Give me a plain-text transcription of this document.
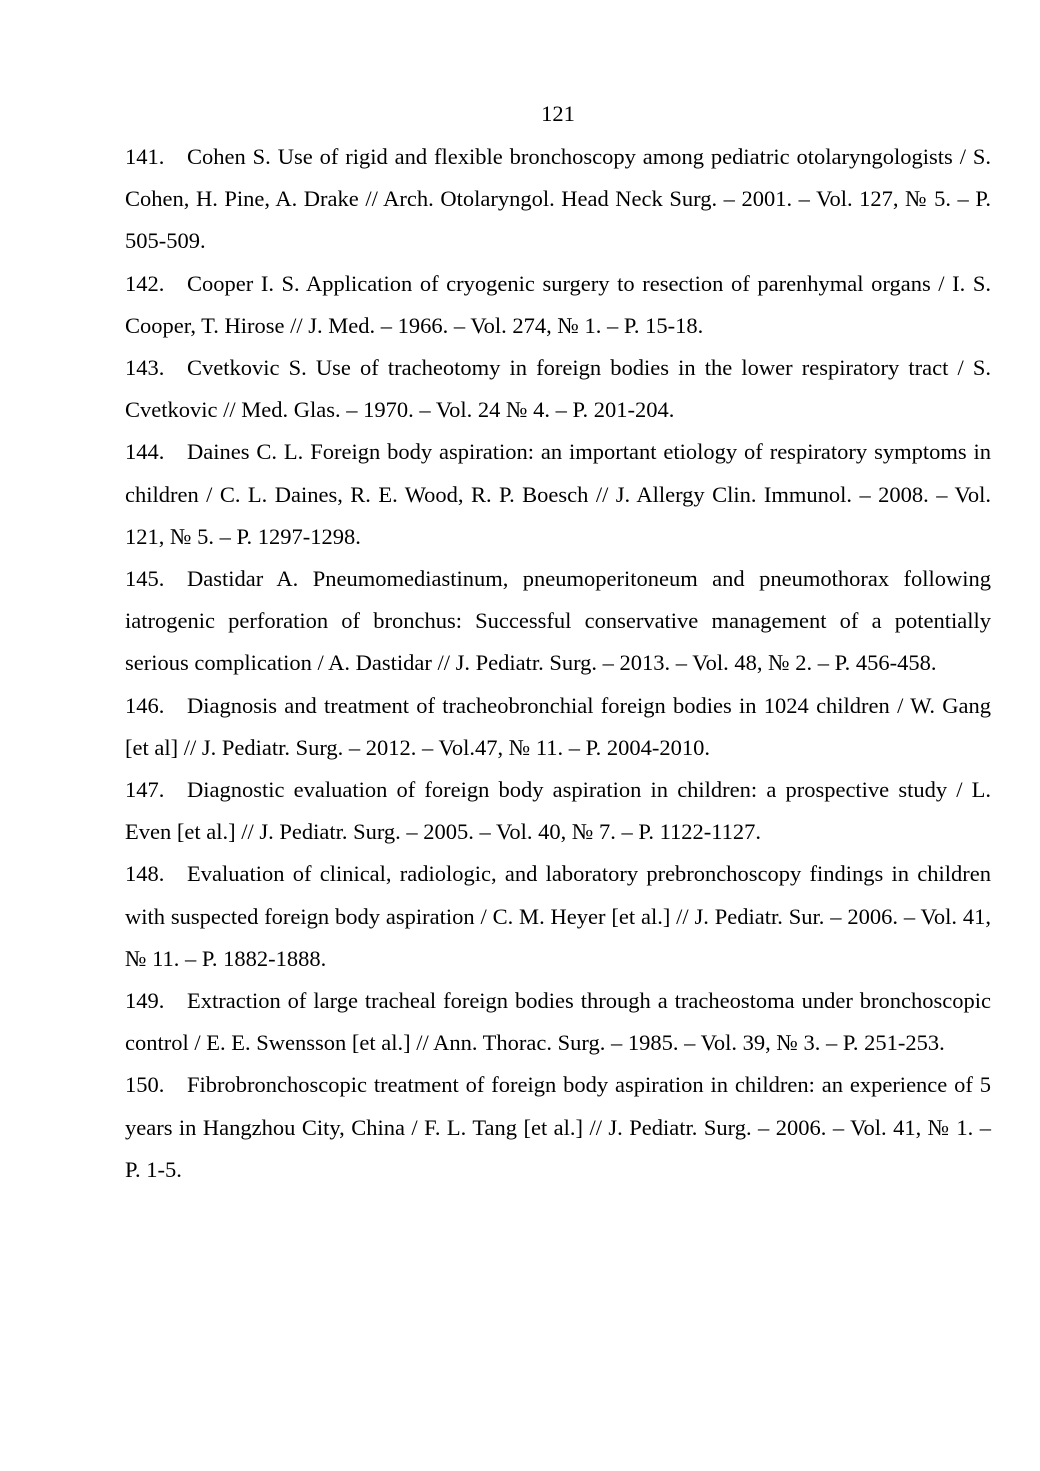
121

141. Cohen S. Use of rigid and flexible bronchoscopy among pediatric otolaryngologists / S. Cohen, H. Pine, A. Drake // Arch. Otolaryngol. Head Neck Surg. – 2001. – Vol. 127, № 5. – P. 505-509.

142. Cooper I. S. Application of cryogenic surgery to resection of parenhymal organs / I. S. Cooper, T. Hirose // J. Med. – 1966. – Vol. 274, № 1. – P. 15-18.

143. Cvetkovic S. Use of tracheotomy in foreign bodies in the lower respiratory tract / S. Cvetkovic // Med. Glas. – 1970. – Vol. 24 № 4. – P. 201-204.

144. Daines C. L. Foreign body aspiration: an important etiology of respiratory symptoms in children / C. L. Daines, R. E. Wood, R. P. Boesch // J. Allergy Clin. Immunol. – 2008. – Vol. 121, № 5. – P. 1297-1298.

145. Dastidar A. Pneumomediastinum, pneumoperitoneum and pneumothorax following iatrogenic perforation of bronchus: Successful conservative management of a potentially serious complication / A. Dastidar // J. Pediatr. Surg. – 2013. – Vol. 48, № 2. – P. 456-458.

146. Diagnosis and treatment of tracheobronchial foreign bodies in 1024 children / W. Gang [et al] // J. Pediatr. Surg. – 2012. – Vol.47, № 11. – P. 2004-2010.

147. Diagnostic evaluation of foreign body aspiration in children: a prospective study / L. Even [et al.] // J. Pediatr. Surg. – 2005. – Vol. 40, № 7. – P. 1122-1127.

148. Evaluation of clinical, radiologic, and laboratory prebronchoscopy findings in children with suspected foreign body aspiration / C. M. Heyer [et al.] // J. Pediatr. Sur. – 2006. – Vol. 41, № 11. – P. 1882-1888.

149. Extraction of large tracheal foreign bodies through a tracheostoma under bronchoscopic control / E. E. Swensson [et al.] // Ann. Thorac. Surg. – 1985. – Vol. 39, № 3. – P. 251-253.

150. Fibrobronchoscopic treatment of foreign body aspiration in children: an experience of 5 years in Hangzhou City, China / F. L. Tang [et al.] // J. Pediatr. Surg. – 2006. – Vol. 41, № 1. – P. 1-5.
